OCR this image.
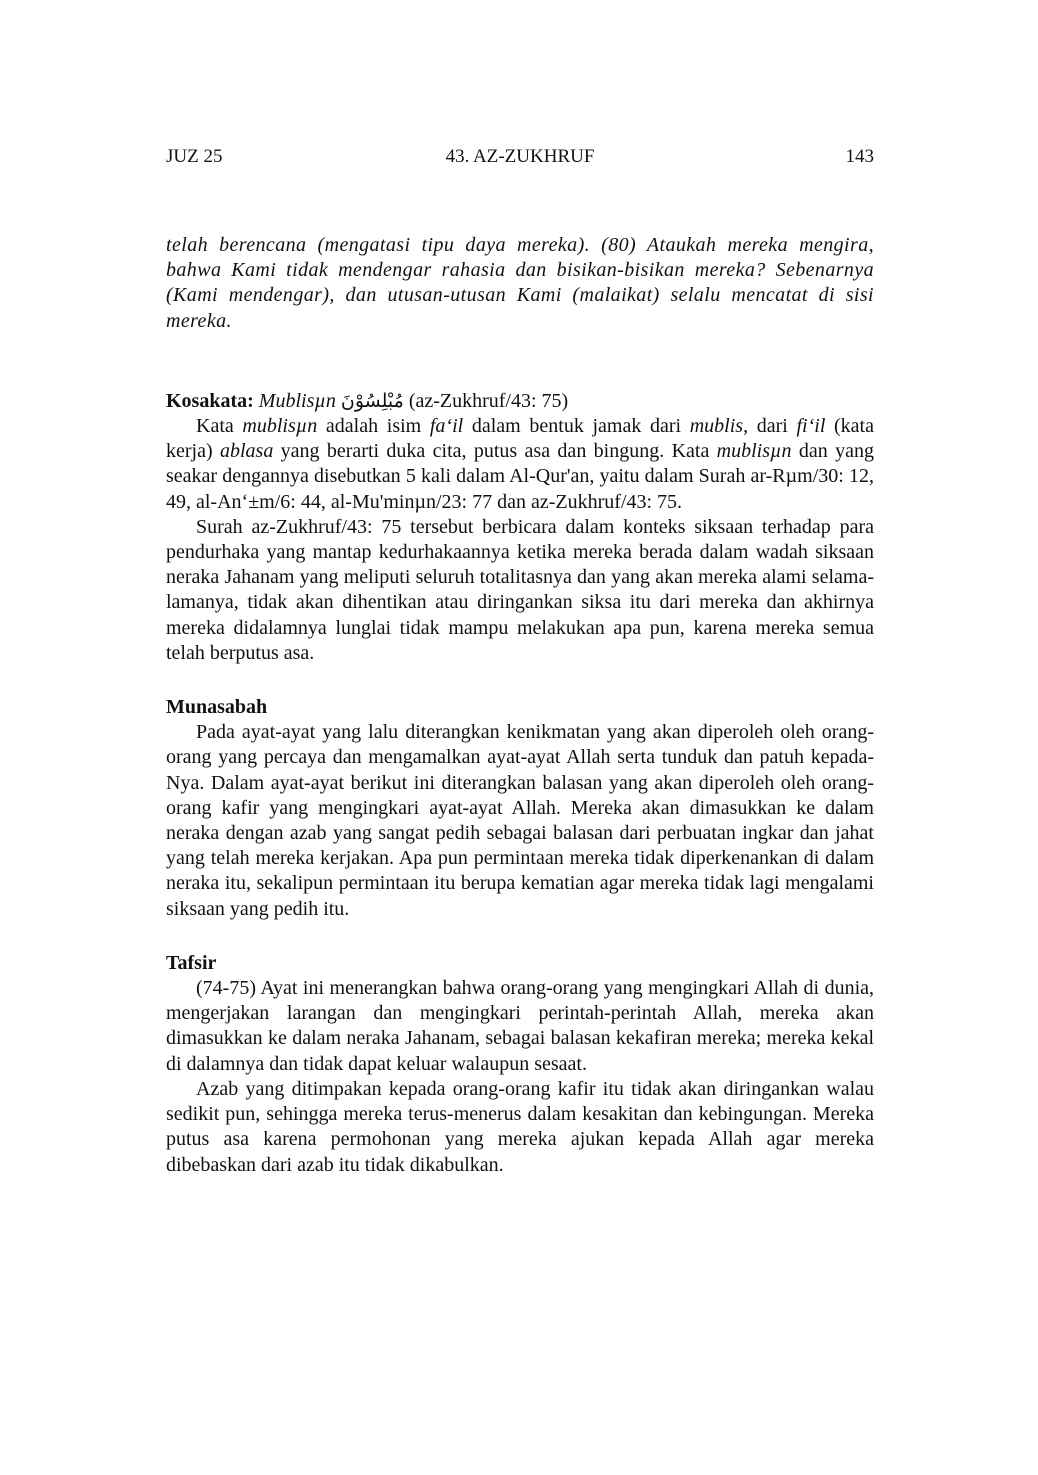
JUZ 25	43. AZ-ZUKHRUF	143

telah berencana (mengatasi tipu daya mereka). (80) Ataukah mereka mengira, bahwa Kami tidak mendengar rahasia dan bisikan-bisikan mereka? Sebenarnya (Kami mendengar), dan utusan-utusan Kami (malaikat) selalu mencatat di sisi mereka.

Kosakata: Mublisµn مُبْلِسُوْنَ (az-Zukhruf/43: 75)

Kata mublisµn adalah isim fa‘il dalam bentuk jamak dari mublis, dari fi‘il (kata kerja) ablasa yang berarti duka cita, putus asa dan bingung. Kata mublisµn dan yang seakar dengannya disebutkan 5 kali dalam Al-Qur'an, yaitu dalam Surah ar-Rµm/30: 12, 49, al-An‘±m/6: 44, al-Mu'minµn/23: 77 dan az-Zukhruf/43: 75.

Surah az-Zukhruf/43: 75 tersebut berbicara dalam konteks siksaan terhadap para pendurhaka yang mantap kedurhakaannya ketika mereka berada dalam wadah siksaan neraka Jahanam yang meliputi seluruh totalitasnya dan yang akan mereka alami selama-lamanya, tidak akan dihentikan atau diringankan siksa itu dari mereka dan akhirnya mereka didalamnya lunglai tidak mampu melakukan apa pun, karena mereka semua telah berputus asa.

Munasabah

Pada ayat-ayat yang lalu diterangkan kenikmatan yang akan diperoleh oleh orang-orang yang percaya dan mengamalkan ayat-ayat Allah serta tunduk dan patuh kepada-Nya. Dalam ayat-ayat berikut ini diterangkan balasan yang akan diperoleh oleh orang-orang kafir yang mengingkari ayat-ayat Allah. Mereka akan dimasukkan ke dalam neraka dengan azab yang sangat pedih sebagai balasan dari perbuatan ingkar dan jahat yang telah mereka kerjakan. Apa pun permintaan mereka tidak diperkenankan di dalam neraka itu, sekalipun permintaan itu berupa kematian agar mereka tidak lagi mengalami siksaan yang pedih itu.

Tafsir

(74-75) Ayat ini menerangkan bahwa orang-orang yang mengingkari Allah di dunia, mengerjakan larangan dan mengingkari perintah-perintah Allah, mereka akan dimasukkan ke dalam neraka Jahanam, sebagai balasan kekafiran mereka; mereka kekal di dalamnya dan tidak dapat keluar walaupun sesaat.

Azab yang ditimpakan kepada orang-orang kafir itu tidak akan diringankan walau sedikit pun, sehingga mereka terus-menerus dalam kesakitan dan kebingungan. Mereka putus asa karena permohonan yang mereka ajukan kepada Allah agar mereka dibebaskan dari azab itu tidak dikabulkan.
